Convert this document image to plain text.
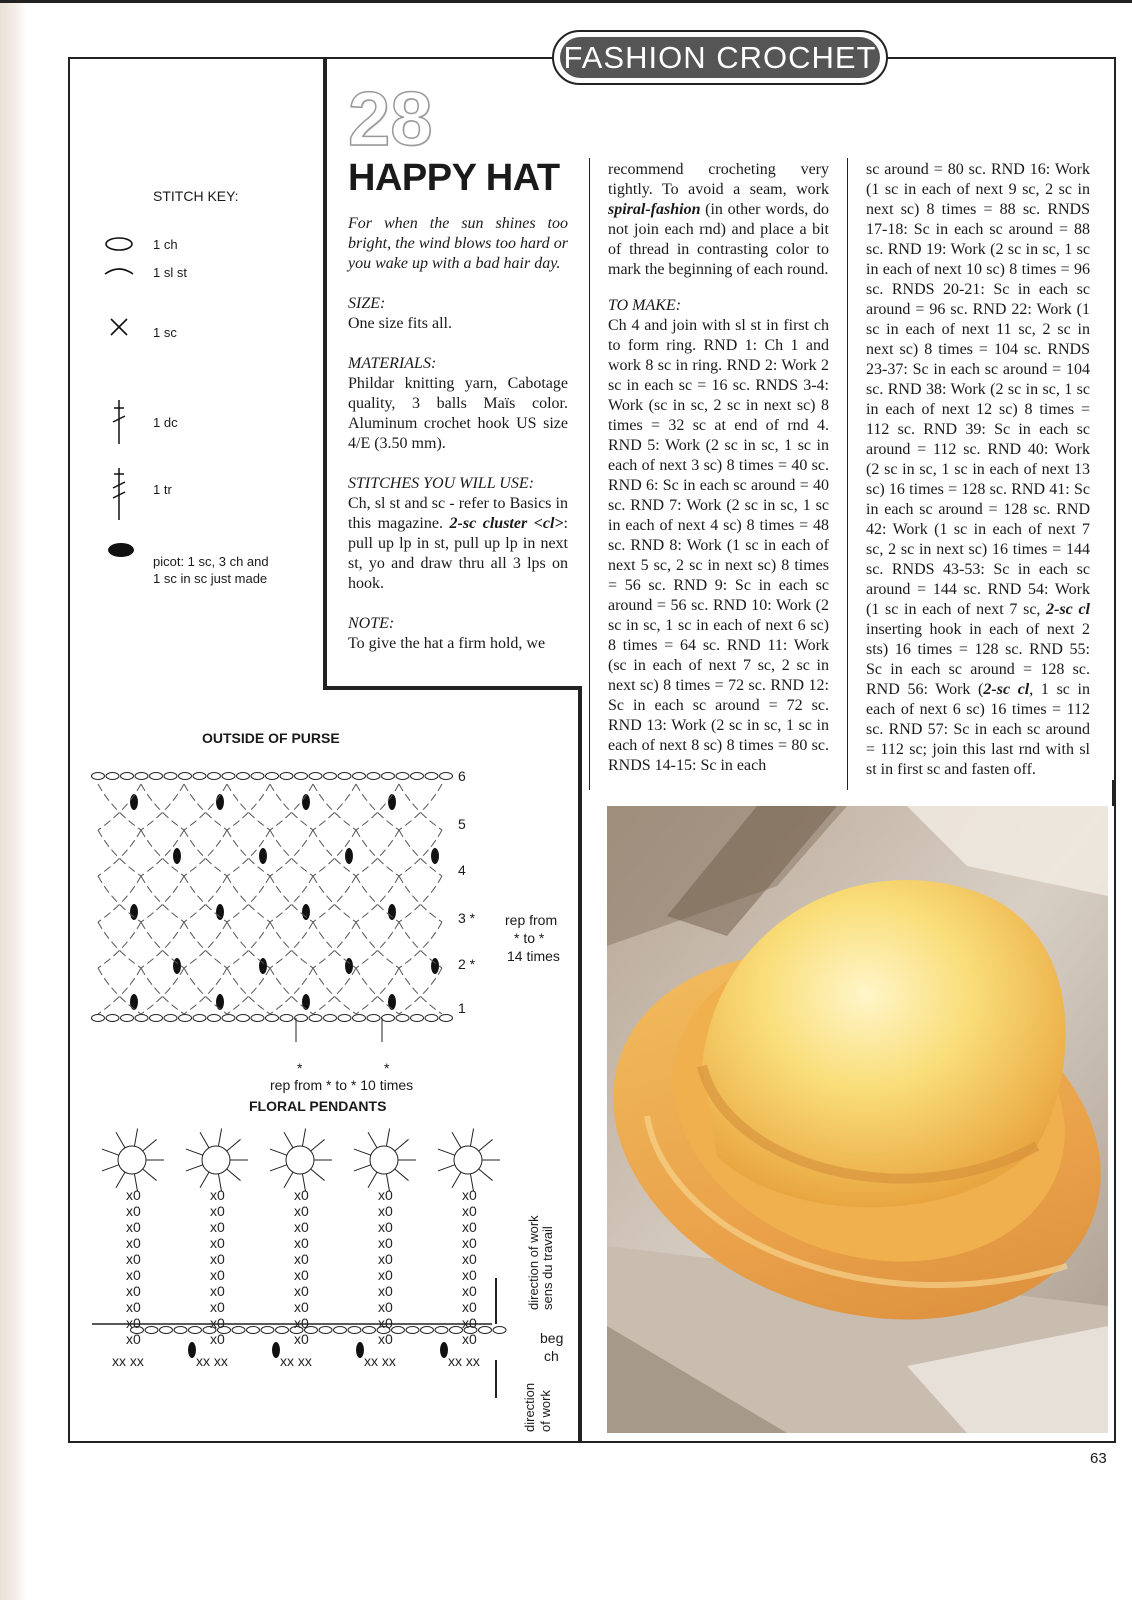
FASHION CROCHET
28
HAPPY HAT
For when the sun shines too bright, the wind blows too hard or you wake up with a bad hair day.
SIZE:
One size fits all.
MATERIALS:
Phildar knitting yarn, Cabotage quality, 3 balls Maïs color. Aluminum crochet hook US size 4/E (3.50 mm).
STITCHES YOU WILL USE:
Ch, sl st and sc - refer to Basics in this magazine. 2-sc cluster <cl>: pull up lp in st, pull up lp in next st, yo and draw thru all 3 lps on hook.
NOTE:
To give the hat a firm hold, we

recommend crocheting very tightly. To avoid a seam, work spiral-fashion (in other words, do not join each rnd) and place a bit of thread in contrasting color to mark the beginning of each round.

TO MAKE:

Ch 4 and join with sl st in first ch to form ring. RND 1: Ch 1 and work 8 sc in ring. RND 2: Work 2 sc in each sc = 16 sc. RNDS 3-4: Work (sc in sc, 2 sc in next sc) 8 times = 32 sc at end of rnd 4. RND 5: Work (2 sc in sc, 1 sc in each of next 3 sc) 8 times = 40 sc. RND 6: Sc in each sc around = 40 sc. RND 7: Work (2 sc in sc, 1 sc in each of next 4 sc) 8 times = 48 sc. RND 8: Work (1 sc in each of next 5 sc, 2 sc in next sc) 8 times = 56 sc. RND 9: Sc in each sc around = 56 sc. RND 10: Work (2 sc in sc, 1 sc in each of next 6 sc) 8 times = 64 sc. RND 11: Work (sc in each of next 7 sc, 2 sc in next sc) 8 times = 72 sc. RND 12: Sc in each sc around = 72 sc. RND 13: Work (2 sc in sc, 1 sc in each of next 8 sc) 8 times = 80 sc. RNDS 14-15: Sc in each

sc around = 80 sc. RND 16: Work (1 sc in each of next 9 sc, 2 sc in next sc) 8 times = 88 sc. RNDS 17-18: Sc in each sc around = 88 sc. RND 19: Work (2 sc in sc, 1 sc in each of next 10 sc) 8 times = 96 sc. RNDS 20-21: Sc in each sc around = 96 sc. RND 22: Work (1 sc in each of next 11 sc, 2 sc in next sc) 8 times = 104 sc. RNDS 23-37: Sc in each sc around = 104 sc. RND 38: Work (2 sc in sc, 1 sc in each of next 12 sc) 8 times = 112 sc. RND 39: Sc in each sc around = 112 sc. RND 40: Work (2 sc in sc, 1 sc in each of next 13 sc) 16 times = 128 sc. RND 41: Sc in each sc around = 128 sc. RND 42: Work (1 sc in each of next 7 sc, 2 sc in next sc) 16 times = 144 sc. RNDS 43-53: Sc in each sc around = 144 sc. RND 54: Work (1 sc in each of next 7 sc, 2-sc cl inserting hook in each of next 2 sts) 16 times = 128 sc. RND 55: Sc in each sc around = 128 sc. RND 56: Work (2-sc cl, 1 sc in each of next 6 sc) 16 times = 112 sc. RND 57: Sc in each sc around = 112 sc; join this last rnd with sl st in first sc and fasten off.

STITCH KEY:
1 ch
1 sl st
1 sc
1 dc
1 tr
picot: 1 sc, 3 ch and
1 sc in sc just made
OUTSIDE OF PURSE
6
5
4
3 *
2 *
1
rep from
* to *
14 times
*	*
rep from * to * 10 times
FLORAL PENDANTS
x0
x0
x0
x0
x0
x0
x0
x0
x0
x0
xx xx
x0
x0
x0
x0
x0
x0
x0
x0
x0
x0
xx xx
x0
x0
x0
x0
x0
x0
x0
x0
x0
x0
xx xx
x0
x0
x0
x0
x0
x0
x0
x0
x0
x0
xx xx
x0
x0
x0
x0
x0
x0
x0
x0
x0
x0
xx xx
direction of work sens du travail
beg
ch
direction of work
63
